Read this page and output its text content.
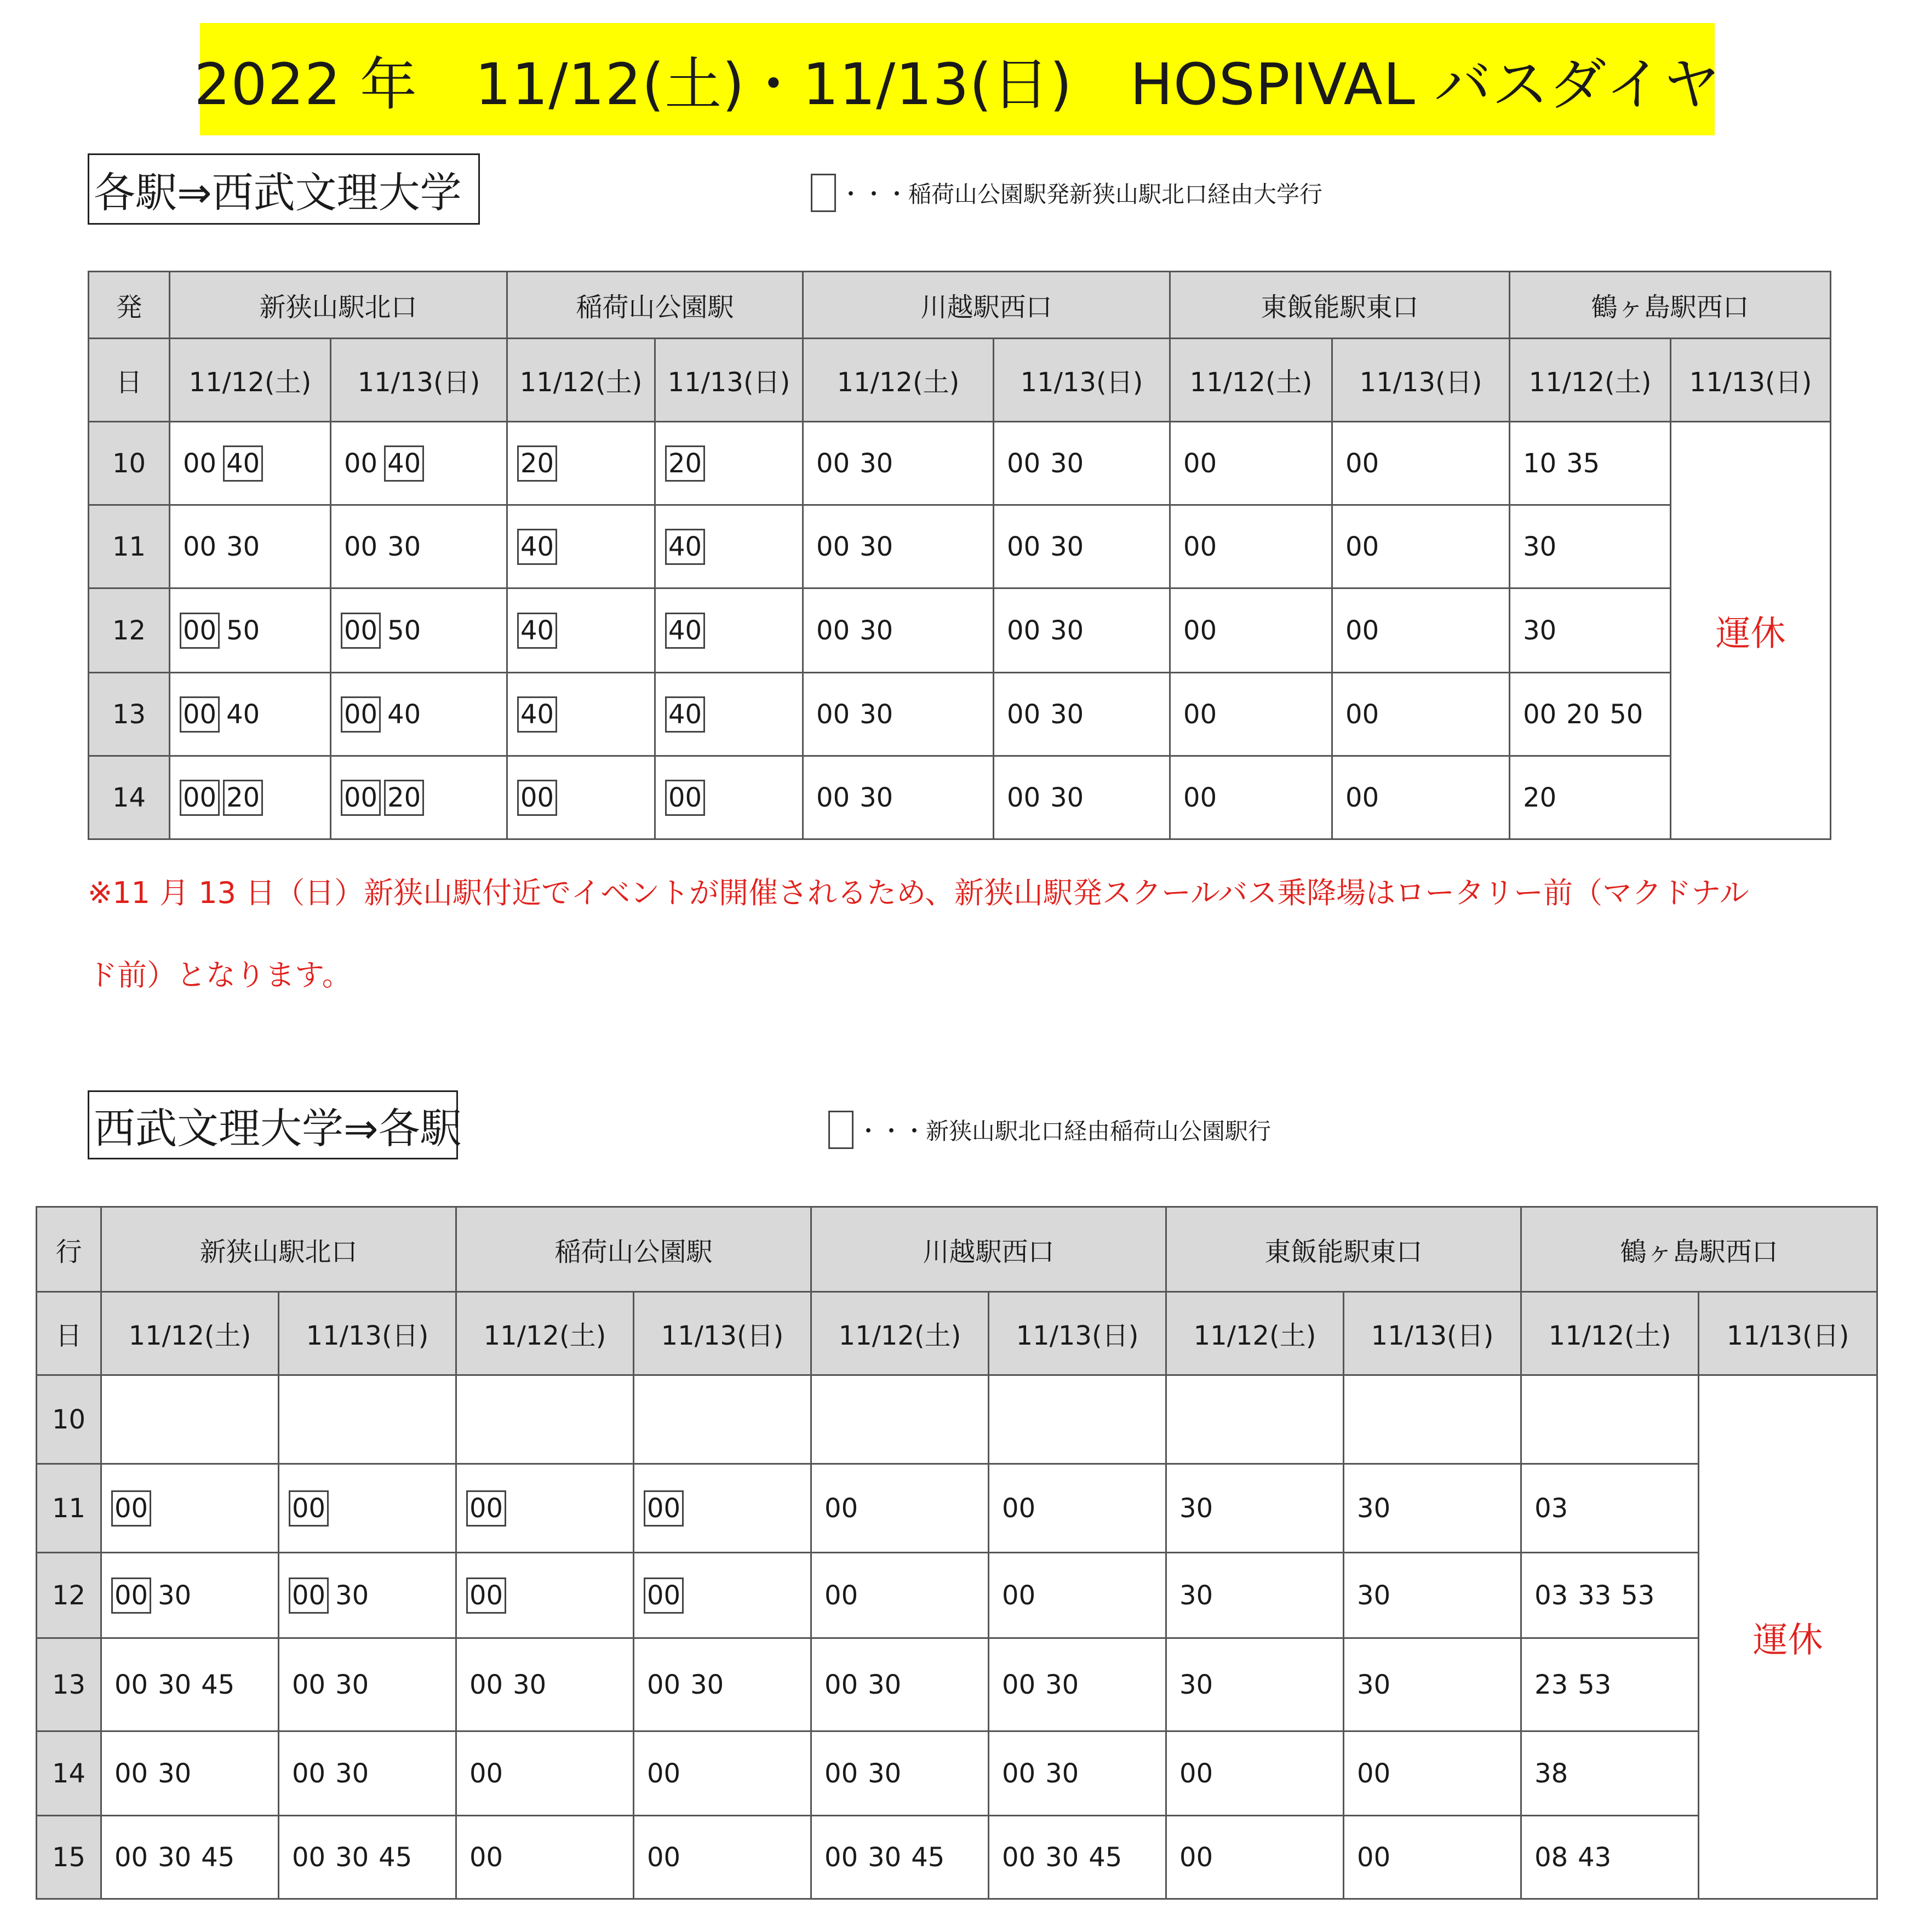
2022 年　11/12(土)・11/13(日)　HOSPIVAL バスダイヤ
各駅⇒西武文理大学	・・・稲荷山公園駅発新狭山駅北口経由大学行
発	新狭山駅北口		稲荷山公園駅		川越駅西口		東飯能駅東口		鶴ヶ島駅西口	
日	11/12(土)	11/13(日)	11/12(土)	11/13(日)	11/12(土)	11/13(日)	11/12(土)	11/13(日)	11/12(土)	11/13(日)
10	00 40	00 40	20	20	00 30	00 30	00	00	10 35	運休
11	00 30	00 30	40	40	00 30	00 30	00	00	30	
12	00 50	00 50	40	40	00 30	00 30	00	00	30	
13	00 40	00 40	40	40	00 30	00 30	00	00	00 20 50	
14	00 20	00 20	00	00	00 30	00 30	00	00	20	
※11 月 13 日（日）新狭山駅付近でイベントが開催されるため、新狭山駅発スクールバス乗降場はロータリー前（マクドナル
ド前）となります。
西武文理大学⇒各駅	・・・新狭山駅北口経由稲荷山公園駅行
行	新狭山駅北口		稲荷山公園駅		川越駅西口		東飯能駅東口		鶴ヶ島駅西口	
日	11/12(土)	11/13(日)	11/12(土)	11/13(日)	11/12(土)	11/13(日)	11/12(土)	11/13(日)	11/12(土)	11/13(日)
10										運休
11	00	00	00	00	00	00	30	30	03	
12	00 30	00 30	00	00	00	00	30	30	03 33 53	
13	00 30 45	00 30	00 30	00 30	00 30	00 30	30	30	23 53	
14	00 30	00 30	00	00	00 30	00 30	00	00	38	
15	00 30 45	00 30 45	00	00	00 30 45	00 30 45	00	00	08 43	
